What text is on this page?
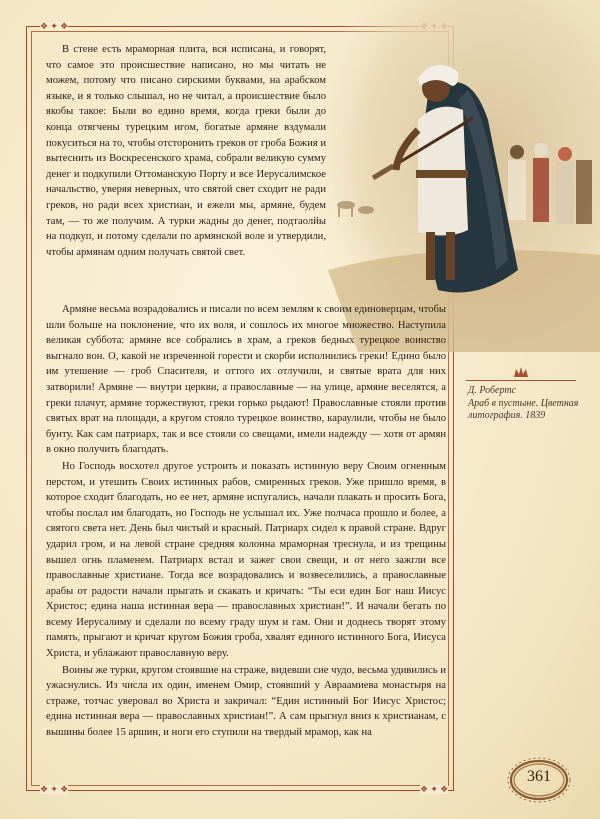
❖ ✦ ❖
❖ ✦ ❖	❖ ✦ ❖

В стене есть мраморная плита, вся исписана, и говорят, что самое это происшествие написано, но мы читать не можем, потому что писано сирскими буквами, на арабском языке, и я только слышал, но не читал, а происшествие было якобы такое: Были во едино время, когда греки были до конца отягчены турецким игом, богатые армяне вздумали покуситься на то, чтобы отсторонить греков от гроба Божия и вытеснить из Воскресенского храма, собрали великую сумму денег и подкупили Оттоманскую Порту и все Иерусалимское начальство, уверяя неверных, что святой свет сходит не ради греков, но ради всех христиан, и ежели мы, армяне, будем там, — то же получим. А турки жадны до денег, подтаолйы на подкуп, и потому сделали по армянской воле и утвердили, чтобы армянам одним получать святой свет.

Армяне весьма возрадовались и писали по всем землям к своим единоверцам, чтобы шли больше на поклонение, что их воля, и сошлось их многое множество. Наступила великая суббота: армяне все собрались в храм, а греков бедных турецкое воинство выгнало вон. О, какой не изреченной горести и скорби исполнились греки! Едино было им утешение — гроб Спасителя, и оттого их отлучили, и святые врата для них затворили! Армяне — внутри церкви, а православные — на улице, армяне веселятся, а греки плачут, армяне торжествуют, греки горько рыдают! Православные стояли против святых врат на площади, а кругом стояло турецкое воинство, караулили, чтобы не было бунту. Как сам патриарх, так и все стояли со свещами, имели надежду — хотя от армян в окно получить благодать.

Но Господь восхотел другое устроить и показать истинную веру Своим огненным перстом, и утешить Своих истинных рабов, смиренных греков. Уже пришло время, в которое сходит благодать, но ее нет, армяне испугались, начали плакать и просить Бога, чтобы послал им благодать, но Господь не услышал их. Уже полчаса прошло и более, а святого света нет. День был чистый и красный. Патриарх сидел к правой стране. Вдруг ударил гром, и на левой стране средняя колонна мраморная треснула, и из трещины вышел огнь пламенем. Патриарх встал и зажег свои свещи, и от него зажгли все православные христиане. Тогда все возрадовались и возвеселились, а православные арабы от радости начали прыгать и скакать и кричать: “Ты еси един Бог наш Иисус Христос; едина наша истинная вера — православных христиан!”. И начали бегать по всему Иерусалиму и сделали по всему граду шум и гам. Они и доднесь творят этому память, прыгают и кричат кругом Божия гроба, хвалят единого истинного Бога, Иисуса Христа, и ублажают православную веру.

Воины же турки, кругом стоявшие на страже, видевши сие чудо, весьма удивились и ужаснулись. Из числа их один, именем Омир, стоявший у Авраамиева монастыря на страже, тотчас уверовал во Христа и закричал: “Един истинный Бог Иисус Христос; едина истинная вера — православных христиан!”. А сам прыгнул вниз к христианам, с вышины более 15 аршин, и ноги его ступили на твердый мрамор, как на

Д. Робертс
Араб в пустыне. Цветная литография. 1839
361
